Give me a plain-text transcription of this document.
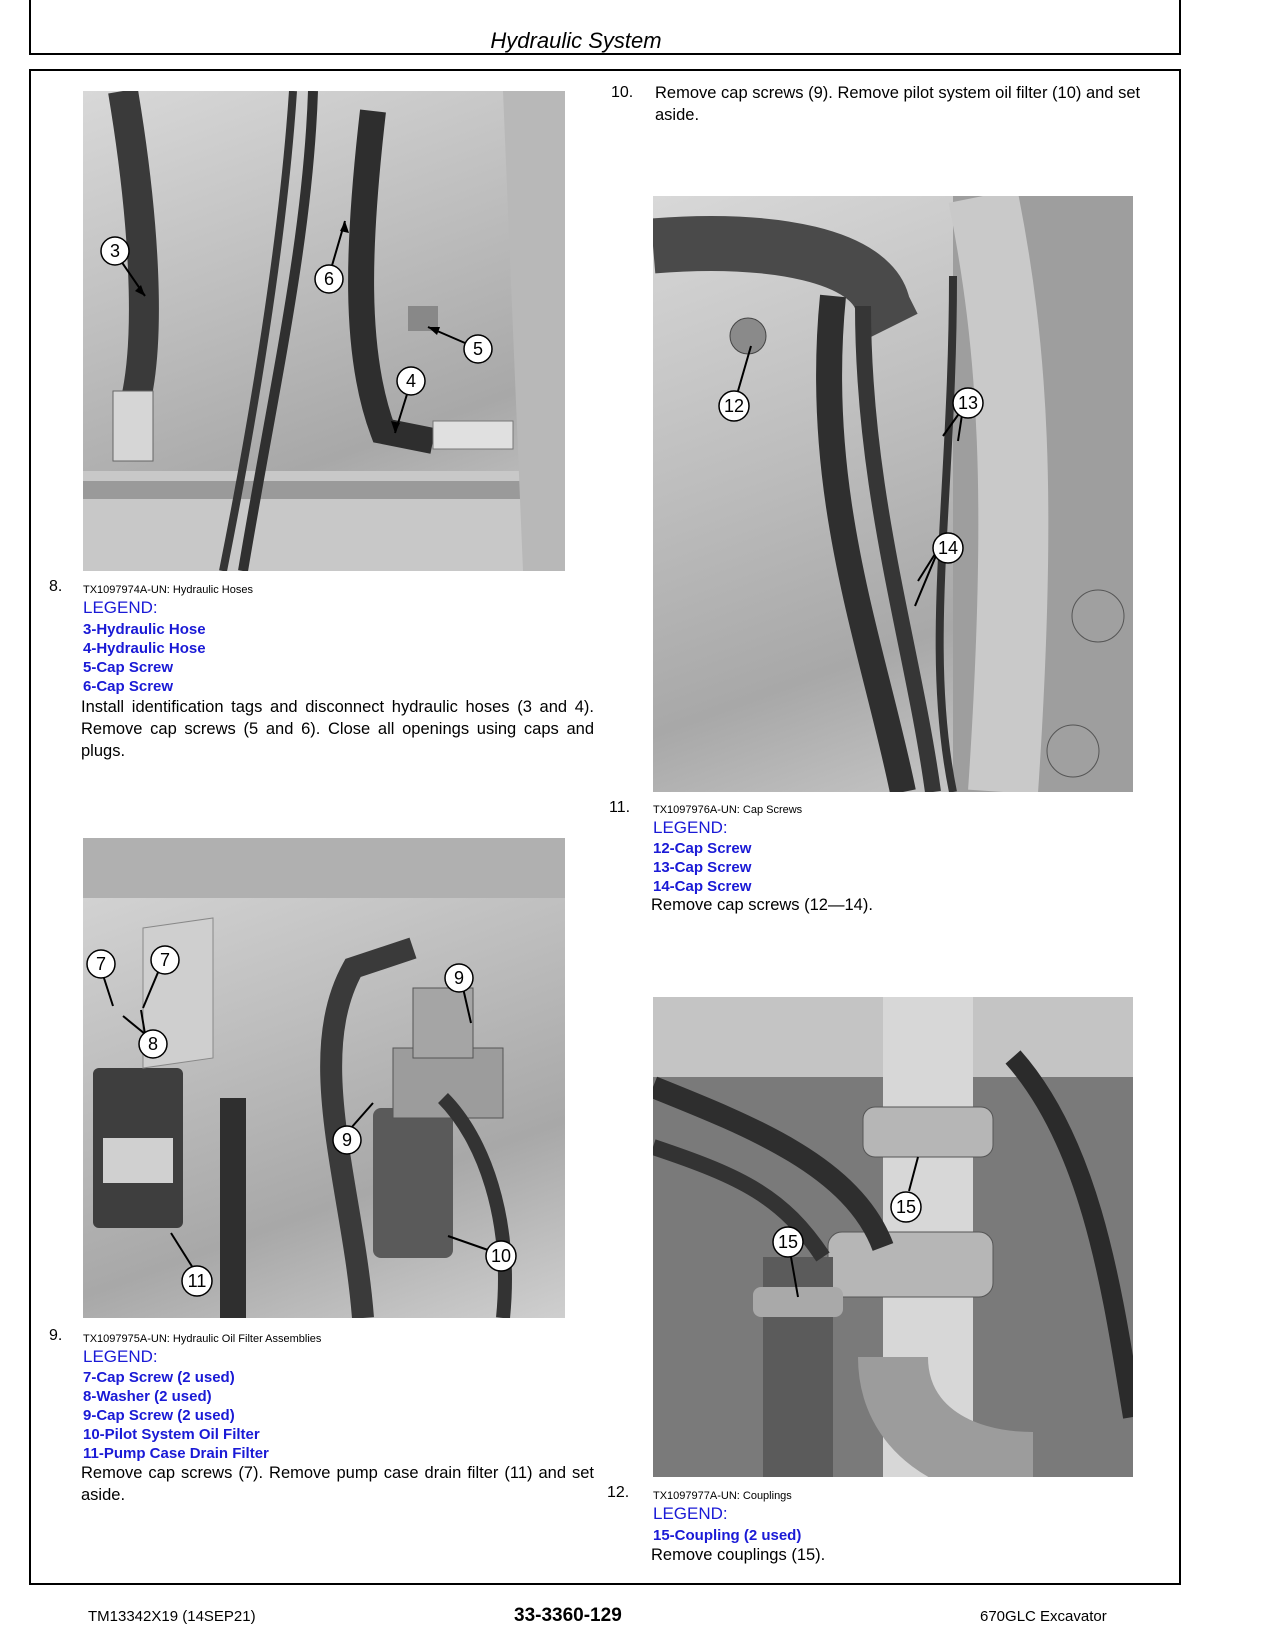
Hydraulic System
3
6
5
4
8. TX1097974A-UN: Hydraulic Hoses
LEGEND:
3-Hydraulic Hose
4-Hydraulic Hose
5-Cap Screw
6-Cap Screw
Install identification tags and disconnect hydraulic hoses (3 and 4). Remove cap screws (5 and 6). Close all openings using caps and plugs.
7	7
8
9
9
10
11
9. TX1097975A-UN: Hydraulic Oil Filter Assemblies
LEGEND:
7-Cap Screw (2 used)
8-Washer (2 used)
9-Cap Screw (2 used)
10-Pilot System Oil Filter
11-Pump Case Drain Filter
Remove cap screws (7). Remove pump case drain filter (11) and set aside.
10. Remove cap screws (9). Remove pilot system oil filter (10) and set aside.
12	13
14
11. TX1097976A-UN: Cap Screws
LEGEND:
12-Cap Screw
13-Cap Screw
14-Cap Screw
Remove cap screws (12—14).
15
15
12. TX1097977A-UN: Couplings
LEGEND:
15-Coupling (2 used)
Remove couplings (15).
TM13342X19 (14SEP21)	33-3360-129	670GLC Excavator
